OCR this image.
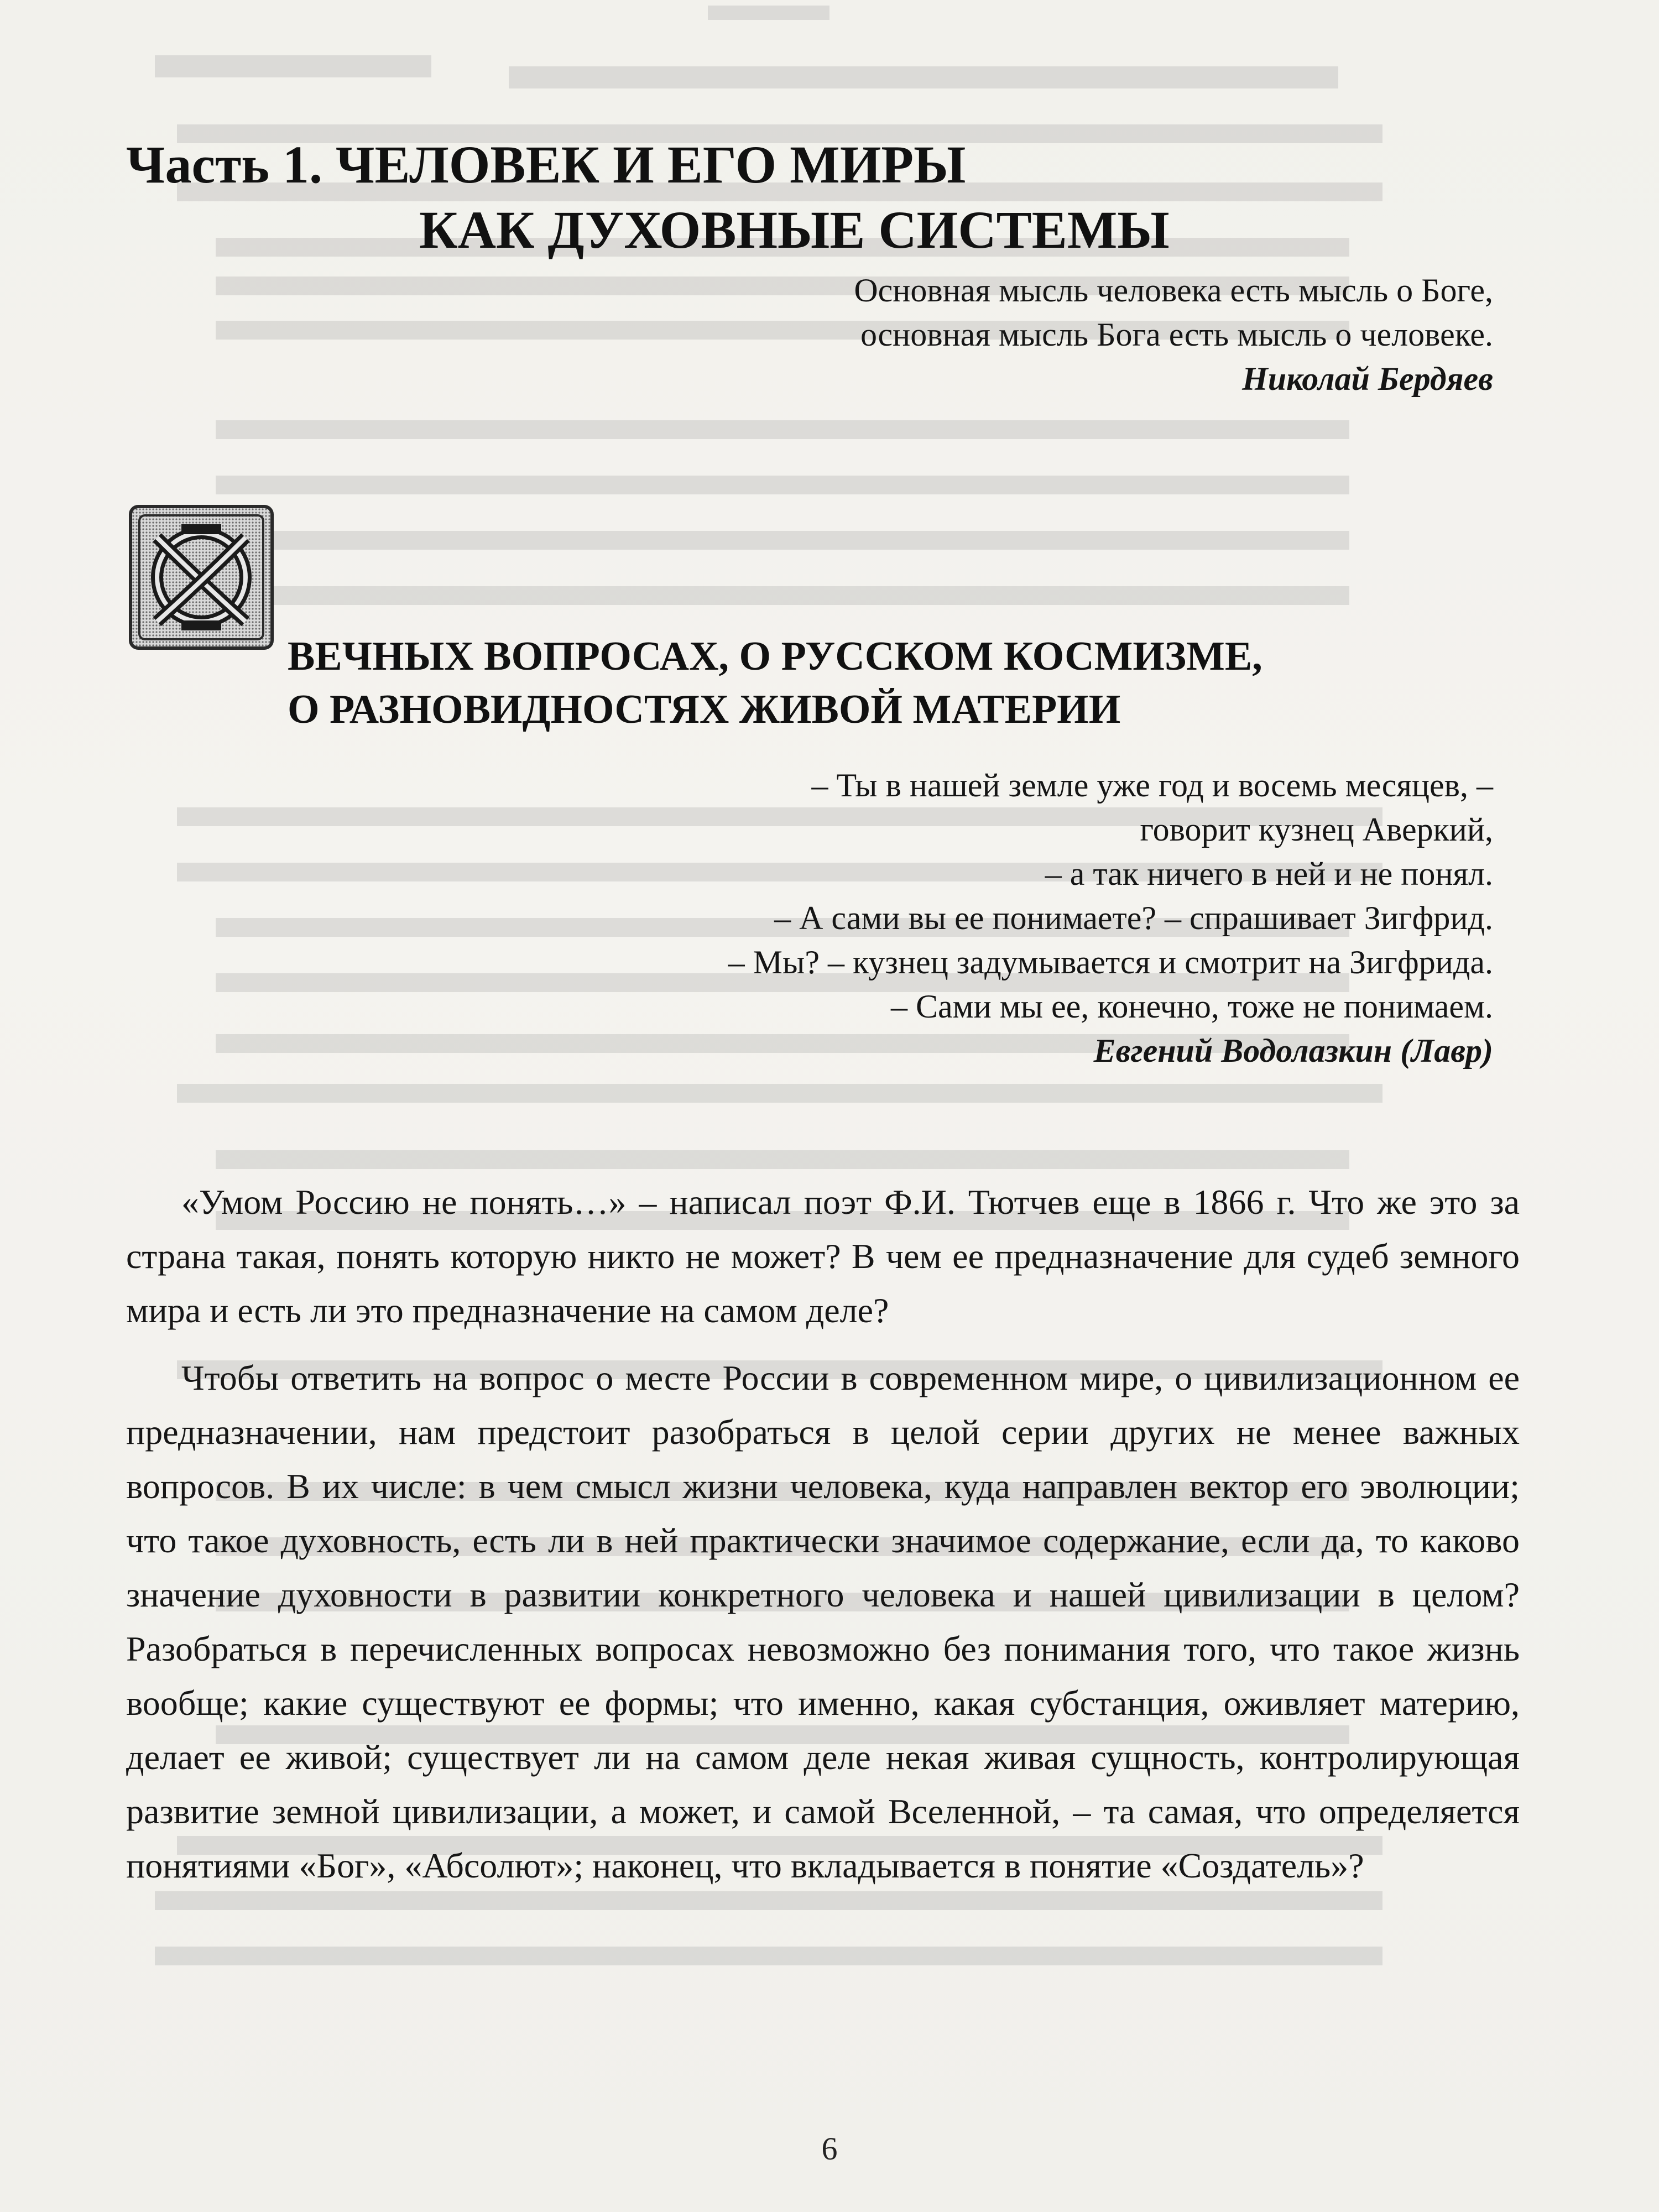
Часть 1. ЧЕЛОВЕК И ЕГО МИРЫ
КАК ДУХОВНЫЕ СИСТЕМЫ
Основная мысль человека есть мысль о Боге,
основная мысль Бога есть мысль о человеке.
Николай Бердяев
ВЕЧНЫХ ВОПРОСАХ, О РУССКОМ КОСМИЗМЕ,
О РАЗНОВИДНОСТЯХ ЖИВОЙ МАТЕРИИ
– Ты в нашей земле уже год и восемь месяцев, –
говорит кузнец Аверкий,
– а так ничего в ней и не понял.
– А сами вы ее понимаете? – спрашивает Зигфрид.
– Мы? – кузнец задумывается и смотрит на Зигфрида.
– Сами мы ее, конечно, тоже не понимаем.
Евгений Водолазкин (Лавр)

«Умом Россию не понять…» – написал поэт Ф.И. Тютчев еще в 1866 г. Что же это за страна такая, понять которую никто не может? В чем ее предназначение для судеб земного мира и есть ли это предназначение на самом деле?

Чтобы ответить на вопрос о месте России в современном мире, о цивилизационном ее предназначении, нам предстоит разобраться в целой серии других не менее важных вопросов. В их числе: в чем смысл жизни человека, куда направлен вектор его эволюции; что такое духовность, есть ли в ней практически значимое содержание, если да, то каково значение духовности в развитии конкретного человека и нашей цивилизации в целом? Разобраться в перечисленных вопросах невозможно без понимания того, что такое жизнь вообще; какие существуют ее формы; что именно, какая субстанция, оживляет материю, делает ее живой; существует ли на самом деле некая живая сущность, контролирующая развитие земной цивилизации, а может, и самой Вселенной, – та самая, что определяется понятиями «Бог», «Абсолют»; наконец, что вкладывается в понятие «Создатель»?

6
